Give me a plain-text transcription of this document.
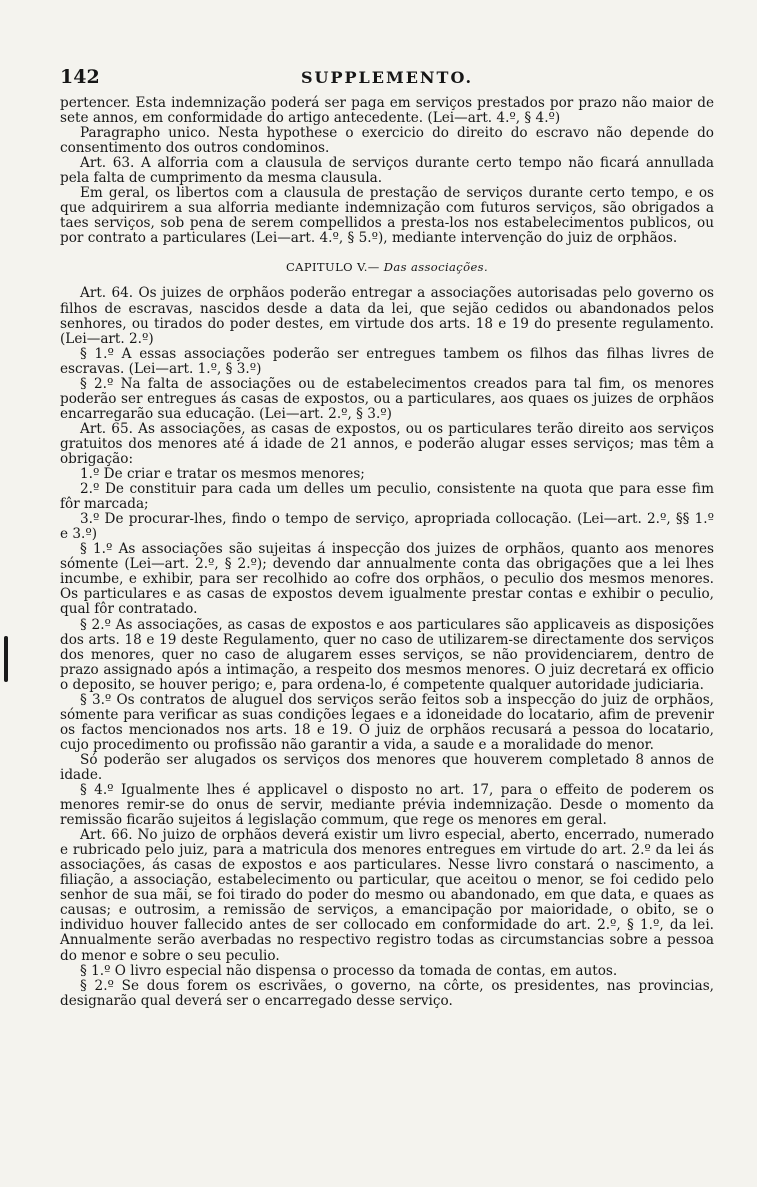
142	SUPPLEMENTO.

pertencer. Esta indemnização poderá ser paga em serviços prestados por prazo não maior de sete annos, em conformidade do artigo antecedente. (Lei—art. 4.º, § 4.º)

Paragrapho unico. Nesta hypothese o exercicio do direito do escravo não depende do consentimento dos outros condominos.

Art. 63. A alforria com a clausula de serviços durante certo tempo não ficará annullada pela falta de cumprimento da mesma clausula.

Em geral, os libertos com a clausula de prestação de serviços durante certo tempo, e os que adquirirem a sua alforria mediante indemnização com futuros serviços, são obrigados a taes serviços, sob pena de serem compellidos a presta-los nos estabelecimentos publicos, ou por contrato a particulares (Lei—art. 4.º, § 5.º), mediante intervenção do juiz de orphãos.

CAPITULO V.— Das associações.

Art. 64. Os juizes de orphãos poderão entregar a associações autorisadas pelo governo os filhos de escravas, nascidos desde a data da lei, que sejão cedidos ou abandonados pelos senhores, ou tirados do poder destes, em virtude dos arts. 18 e 19 do presente regulamento. (Lei—art. 2.º)

§ 1.º A essas associações poderão ser entregues tambem os filhos das filhas livres de escravas. (Lei—art. 1.º, § 3.º)

§ 2.º Na falta de associações ou de estabelecimentos creados para tal fim, os menores poderão ser entregues ás casas de expostos, ou a particulares, aos quaes os juizes de orphãos encarregarão sua educação. (Lei—art. 2.º, § 3.º)

Art. 65. As associações, as casas de expostos, ou os particulares terão direito aos serviços gratuitos dos menores até á idade de 21 annos, e poderão alugar esses serviços; mas têm a obrigação:

1.º De criar e tratar os mesmos menores;

2.º De constituir para cada um delles um peculio, consistente na quota que para esse fim fôr marcada;

3.º De procurar-lhes, findo o tempo de serviço, apropriada collocação. (Lei—art. 2.º, §§ 1.º e 3.º)

§ 1.º As associações são sujeitas á inspecção dos juizes de orphãos, quanto aos menores sómente (Lei—art. 2.º, § 2.º); devendo dar annualmente conta das obrigações que a lei lhes incumbe, e exhibir, para ser recolhido ao cofre dos orphãos, o peculio dos mesmos menores. Os particulares e as casas de expostos devem igualmente prestar contas e exhibir o peculio, qual fôr contratado.

§ 2.º As associações, as casas de expostos e aos particulares são applicaveis as disposições dos arts. 18 e 19 deste Regulamento, quer no caso de utilizarem-se directamente dos serviços dos menores, quer no caso de alugarem esses serviços, se não providenciarem, dentro de prazo assignado após a intimação, a respeito dos mesmos menores. O juiz decretará ex officio o deposito, se houver perigo; e, para ordena-lo, é competente qualquer autoridade judiciaria.

§ 3.º Os contratos de aluguel dos serviços serão feitos sob a inspecção do juiz de orphãos, sómente para verificar as suas condições legaes e a idoneidade do locatario, afim de prevenir os factos mencionados nos arts. 18 e 19. O juiz de orphãos recusará a pessoa do locatario, cujo procedimento ou profissão não garantir a vida, a saude e a moralidade do menor.

Só poderão ser alugados os serviços dos menores que houverem completado 8 annos de idade.

§ 4.º Igualmente lhes é applicavel o disposto no art. 17, para o effeito de poderem os menores remir-se do onus de servir, mediante prévia indemnização. Desde o momento da remissão ficarão sujeitos á legislação commum, que rege os menores em geral.

Art. 66. No juizo de orphãos deverá existir um livro especial, aberto, encerrado, numerado e rubricado pelo juiz, para a matricula dos menores entregues em virtude do art. 2.º da lei ás associações, ás casas de expostos e aos particulares. Nesse livro constará o nascimento, a filiação, a associação, estabelecimento ou particular, que aceitou o menor, se foi cedido pelo senhor de sua mãi, se foi tirado do poder do mesmo ou abandonado, em que data, e quaes as causas; e outrosim, a remissão de serviços, a emancipação por maioridade, o obito, se o individuo houver fallecido antes de ser collocado em conformidade do art. 2.º, § 1.º, da lei. Annualmente serão averbadas no respectivo registro todas as circumstancias sobre a pessoa do menor e sobre o seu peculio.

§ 1.º O livro especial não dispensa o processo da tomada de contas, em autos.

§ 2.º Se dous forem os escrivães, o governo, na côrte, os presidentes, nas provincias, designarão qual deverá ser o encarregado desse serviço.
